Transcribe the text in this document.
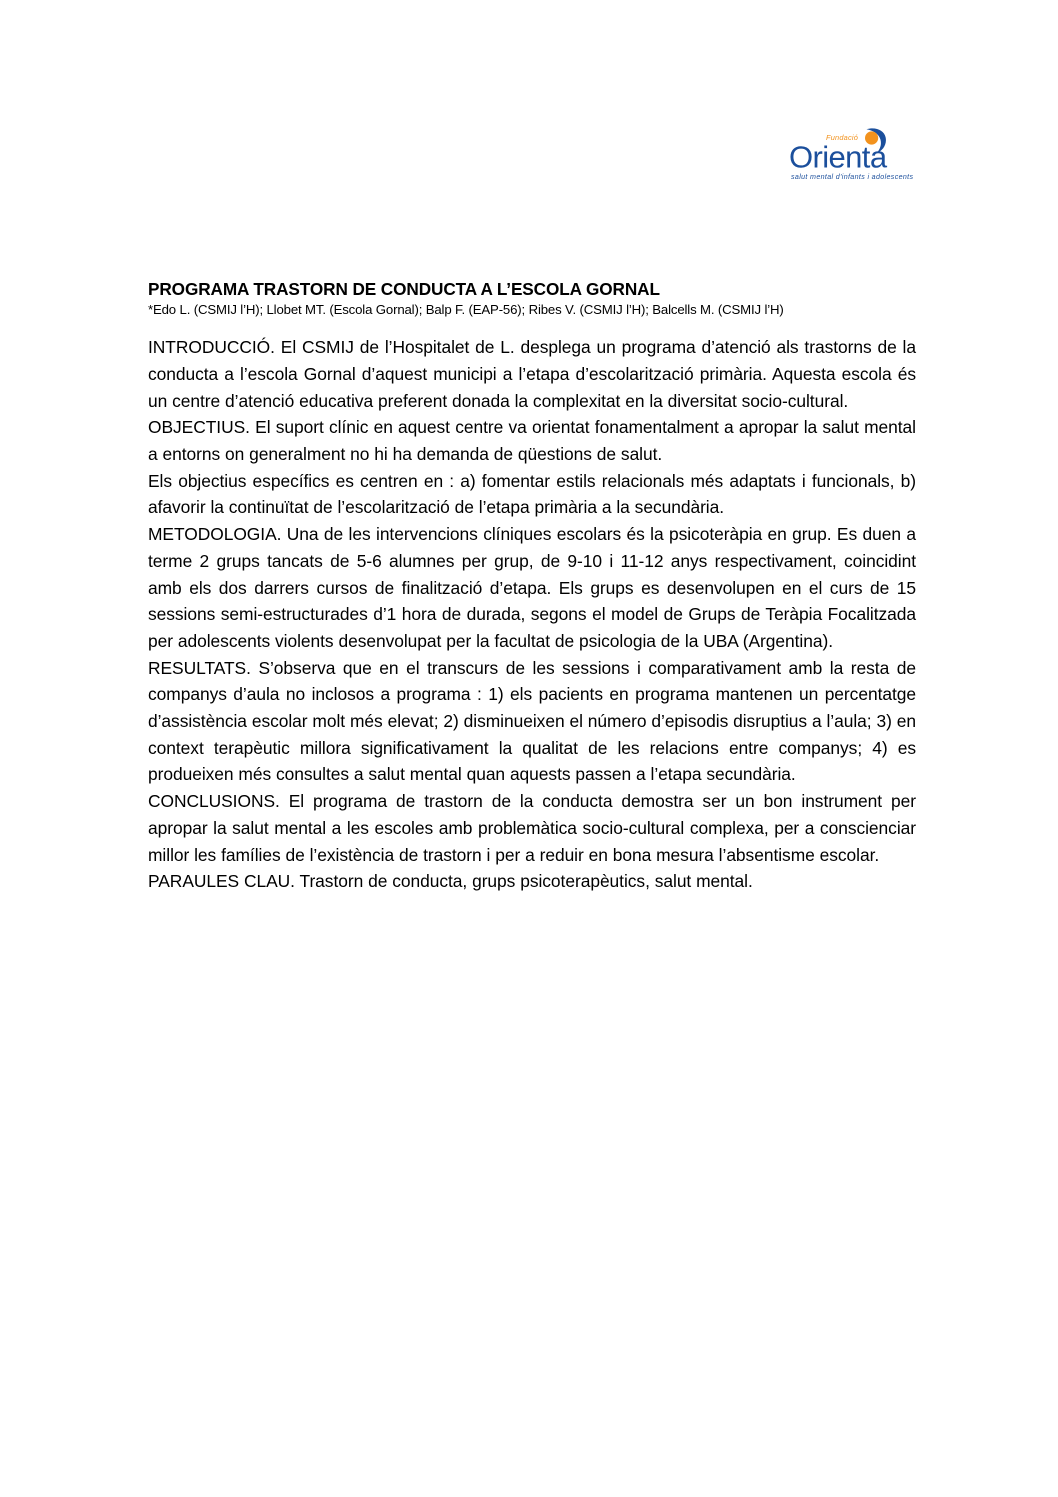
Fundació
Orienta
salut mental d'infants i adolescents
PROGRAMA TRASTORN DE CONDUCTA A L’ESCOLA GORNAL
*Edo L. (CSMIJ l’H); Llobet MT. (Escola Gornal); Balp F. (EAP-56); Ribes V. (CSMIJ l’H); Balcells M. (CSMIJ l’H)

INTRODUCCIÓ. El CSMIJ de l’Hospitalet de L. desplega un programa d’atenció als trastorns de la conducta a l’escola Gornal d’aquest municipi a l’etapa d’escolarització primària. Aquesta escola és un centre d’atenció educativa preferent donada la complexitat en la diversitat socio-cultural.

OBJECTIUS. El suport clínic en aquest centre va orientat fonamentalment a apropar la salut mental a entorns on generalment no hi ha demanda de qüestions de salut.

Els objectius específics es centren en : a) fomentar estils relacionals més adaptats i funcionals, b) afavorir la continuïtat de l’escolarització de l’etapa primària a la secundària.

METODOLOGIA. Una de les intervencions clíniques escolars és la psicoteràpia en grup. Es duen a terme 2 grups tancats de 5-6 alumnes per grup, de 9-10 i 11-12 anys respectivament, coincidint amb els dos darrers cursos de finalització d’etapa. Els grups es desenvolupen en el curs de 15 sessions semi-estructurades d’1 hora de durada, segons el model de Grups de Teràpia Focalitzada per adolescents violents desenvolupat per la facultat de psicologia de la UBA (Argentina).

RESULTATS. S’observa que en el transcurs de les sessions i comparativament amb la resta de companys d’aula no inclosos a programa : 1) els pacients en programa mantenen un percentatge d’assistència escolar molt més elevat; 2) disminueixen el número d’episodis disruptius a l’aula; 3) en context terapèutic millora significativament la qualitat de les relacions entre companys; 4) es produeixen més consultes a salut mental quan aquests passen a l’etapa secundària.

CONCLUSIONS. El programa de trastorn de la conducta demostra ser un bon instrument per apropar la salut mental a les escoles amb problemàtica socio-cultural complexa, per a conscienciar millor les famílies de l’existència de trastorn i per a reduir en bona mesura l’absentisme escolar.

PARAULES CLAU. Trastorn de conducta, grups psicoterapèutics, salut mental.
